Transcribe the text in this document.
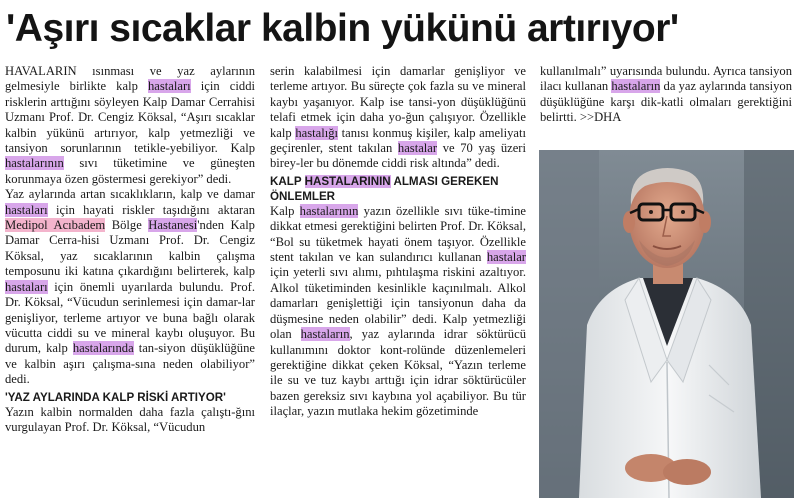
'Aşırı sıcaklar kalbin yükünü artırıyor'

HAVALARIN ısınması ve yaz aylarının gelmesiyle birlikte kalp hastaları için ciddi risklerin arttığını söyleyen Kalp Damar Cerrahisi Uzmanı Prof. Dr. Cengiz Köksal, “Aşırı sıcaklar kalbin yükünü artırıyor, kalp yetmezliği ve tansiyon sorunlarının tetikle-yebiliyor. Kalp hastalarının sıvı tüketimine ve güneşten korunmaya özen göstermesi gerekiyor” dedi.

Yaz aylarında artan sıcaklıkların, kalp ve damar hastaları için hayati riskler taşıdığını aktaran Medipol Acıbadem Bölge Hastanesi'nden Kalp Damar Cerra-hisi Uzmanı Prof. Dr. Cengiz Köksal, yaz sıcaklarının kalbin çalışma temposunu iki katına çıkardığını belirterek, kalp hastaları için önemli uyarılarda bulundu. Prof. Dr. Köksal, “Vücudun serinlemesi için damar-lar genişliyor, terleme artıyor ve buna bağlı olarak vücutta ciddi su ve mineral kaybı oluşuyor. Bu durum, kalp hastalarında tan-siyon düşüklüğüne ve kalbin aşırı çalışma-sına neden olabiliyor” dedi.

'YAZ AYLARINDA KALP RİSKİ ARTIYOR'

Yazın kalbin normalden daha fazla çalıştı-ğını vurgulayan Prof. Dr. Köksal, “Vücudun

serin kalabilmesi için damarlar genişliyor ve terleme artıyor. Bu süreçte çok fazla su ve mineral kaybı yaşanıyor. Kalp ise tansi-yon düşüklüğünü telafi etmek için daha yo-ğun çalışıyor. Özellikle kalp hastalığı tanısı konmuş kişiler, kalp ameliyatı geçirenler, stent takılan hastalar ve 70 yaş üzeri birey-ler bu dönemde ciddi risk altında” dedi.

KALP HASTALARININ ALMASI GEREKEN ÖNLEMLER

Kalp hastalarının yazın özellikle sıvı tüke-timine dikkat etmesi gerektiğini belirten Prof. Dr. Köksal, “Bol su tüketmek hayati önem taşıyor. Özellikle stent takılan ve kan sulandırıcı kullanan hastalar için yeterli sıvı alımı, pıhtılaşma riskini azaltıyor. Alkol tüketiminden kesinlikle kaçınılmalı. Alkol damarları genişlettiği için tansiyonun daha da düşmesine neden olabilir” dedi. Kalp yetmezliği olan hastaların, yaz aylarında idrar söktürücü kullanımını doktor kont-rolünde düzenlemeleri gerektiğine dikkat çeken Köksal, “Yazın terleme ile su ve tuz kaybı arttığı için idrar söktürücüler bazen gereksiz sıvı kaybına yol açabiliyor. Bu tür ilaçlar, yazın mutlaka hekim gözetiminde

kullanılmalı” uyarısında bulundu. Ayrıca tansiyon ilacı kullanan hastaların da yaz aylarında tansiyon düşüklüğüne karşı dik-katli olmaları gerektiğini belirtti. >>DHA
